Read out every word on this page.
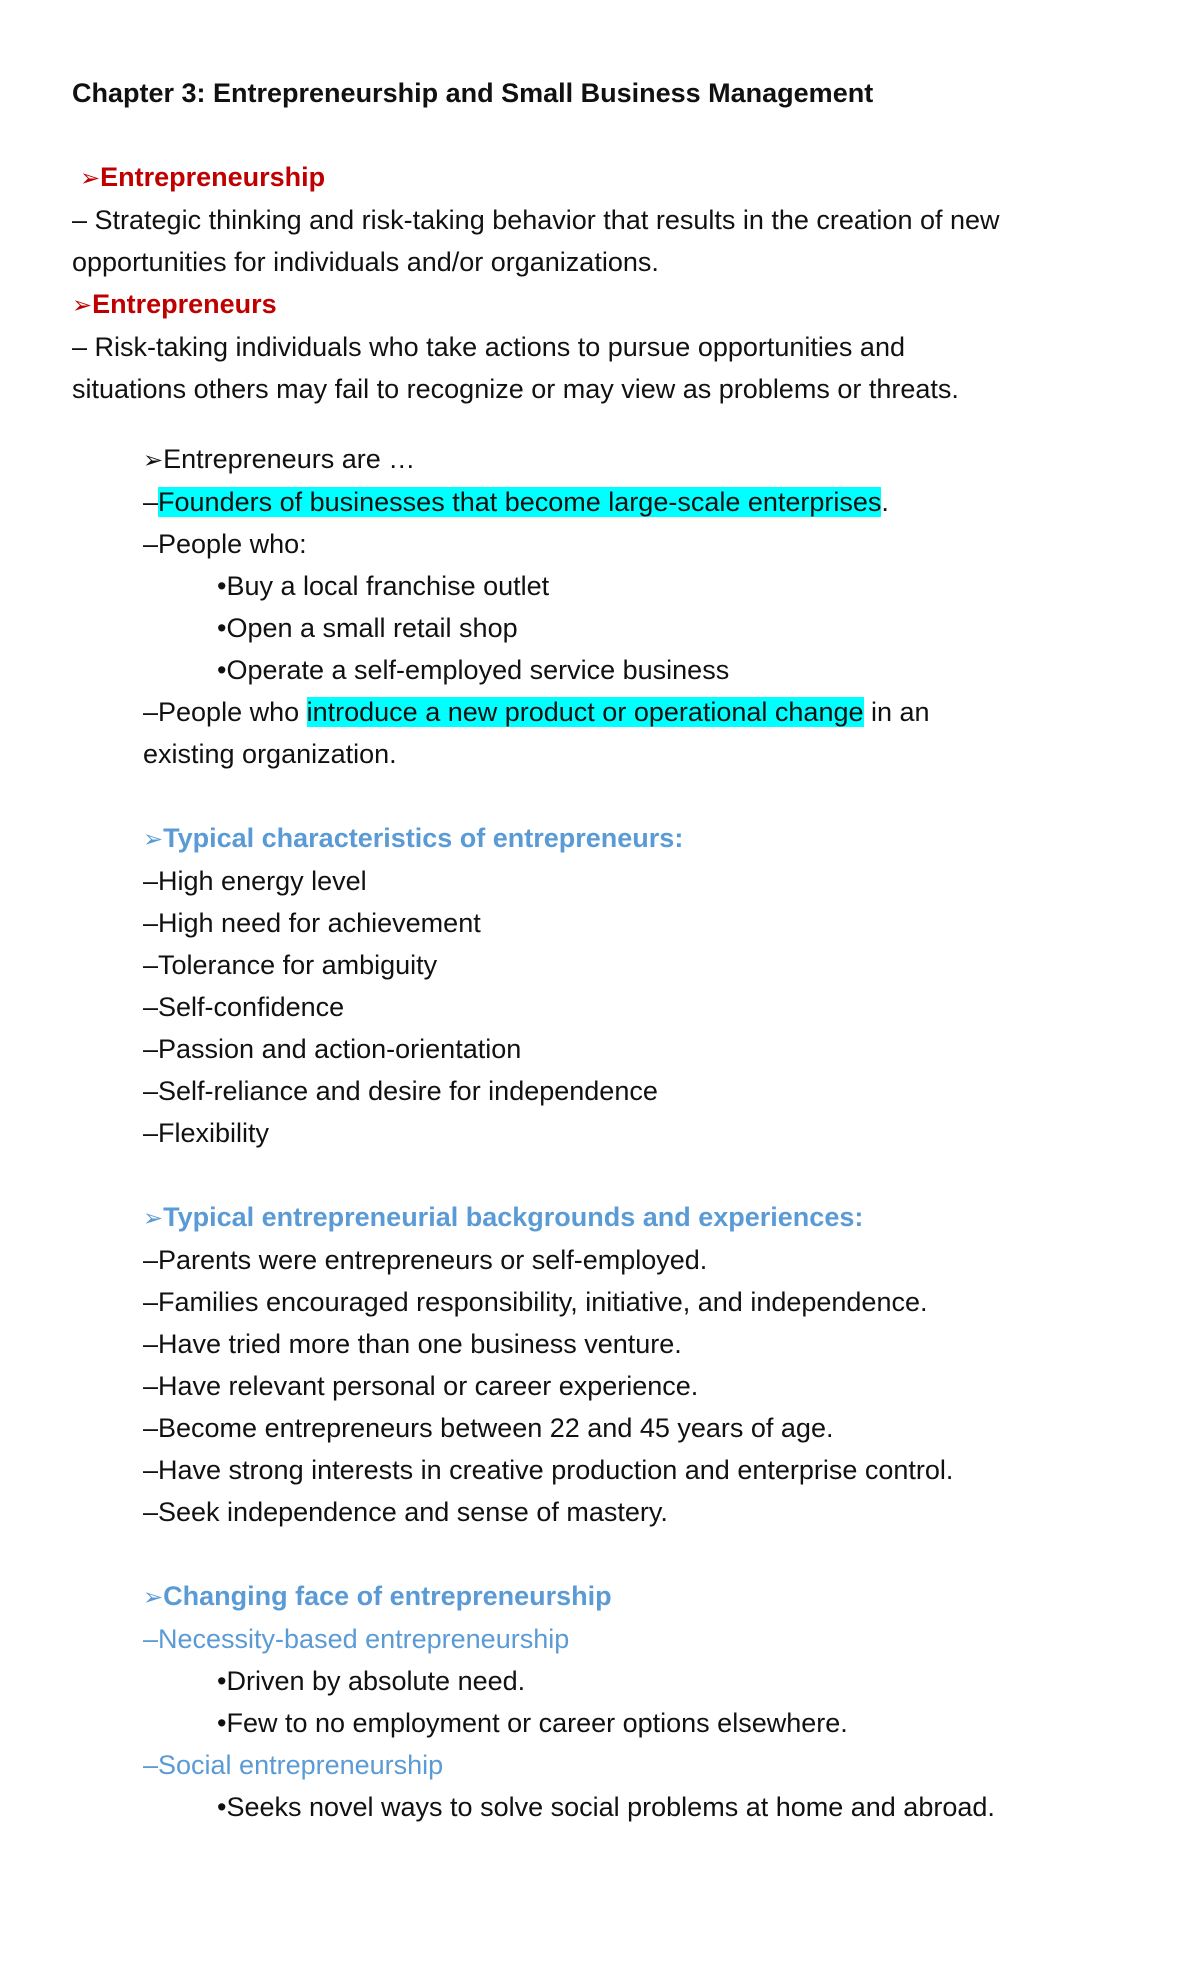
Chapter 3: Entrepreneurship and Small Business Management
➢Entrepreneurship
– Strategic thinking and risk-taking behavior that results in the creation of new
opportunities for individuals and/or organizations.
➢Entrepreneurs
– Risk-taking individuals who take actions to pursue opportunities and
situations others may fail to recognize or may view as problems or threats.
➢Entrepreneurs are …
–Founders of businesses that become large-scale enterprises.
–People who:
•Buy a local franchise outlet
•Open a small retail shop
•Operate a self-employed service business
–People who introduce a new product or operational change in an
existing organization.
➢Typical characteristics of entrepreneurs:
–High energy level
–High need for achievement
–Tolerance for ambiguity
–Self-confidence
–Passion and action-orientation
–Self-reliance and desire for independence
–Flexibility
➢Typical entrepreneurial backgrounds and experiences:
–Parents were entrepreneurs or self-employed.
–Families encouraged responsibility, initiative, and independence.
–Have tried more than one business venture.
–Have relevant personal or career experience.
–Become entrepreneurs between 22 and 45 years of age.
–Have strong interests in creative production and enterprise control.
–Seek independence and sense of mastery.
➢Changing face of entrepreneurship
–Necessity-based entrepreneurship
•Driven by absolute need.
•Few to no employment or career options elsewhere.
–Social entrepreneurship
•Seeks novel ways to solve social problems at home and abroad.
